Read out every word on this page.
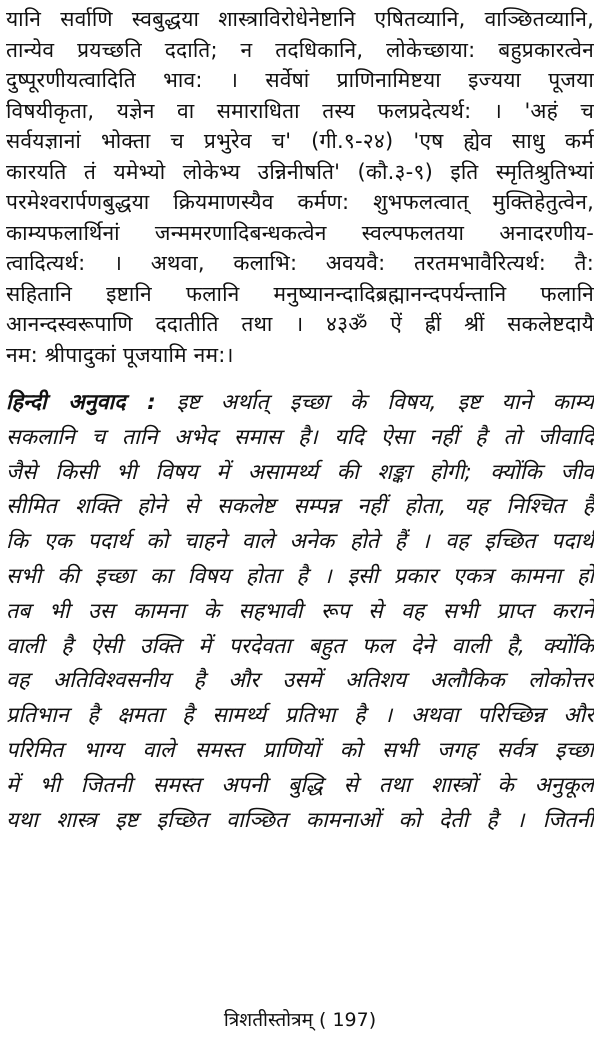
यानि सर्वाणि स्वबुद्धया शास्त्राविरोधेनेष्टानि एषितव्यानि, वाञ्छितव्यानि,
तान्येव प्रयच्छति ददाति; न तदधिकानि, लोकेच्छाया: बहुप्रकारत्वेन
दुष्पूरणीयत्वादिति भाव: । सर्वेषां प्राणिनामिष्टया इज्यया पूजया
विषयीकृता, यज्ञेन वा समाराधिता तस्य फलप्रदेत्यर्थ: । 'अहं च
सर्वयज्ञानां भोक्ता च प्रभुरेव च' (गी.९-२४) 'एष ह्येव साधु कर्म
कारयति तं यमेभ्यो लोकेभ्य उन्निनीषति' (कौ.३-९) इति स्मृतिश्रुतिभ्यां
परमेश्वरार्पणबुद्धया क्रियमाणस्यैव कर्मण: शुभफलत्वात् मुक्तिहेतुत्वेन,
काम्यफलार्थिनां जन्ममरणादिबन्धकत्वेन स्वल्पफलतया अनादरणीय-
त्वादित्यर्थ: । अथवा, कलाभि: अवयवै: तरतमभावैरित्यर्थ: तै:
सहितानि इष्टानि फलानि मनुष्यानन्दादिब्रह्मानन्दपर्यन्तानि फलानि
आनन्दस्वरूपाणि ददातीति तथा । ४३ॐ ऐं ह्रीं श्रीं सकलेष्टदायै
नम: श्रीपादुकां पूजयामि नम:।
हिन्दी अनुवाद : इष्ट अर्थात् इच्छा के विषय, इष्ट याने काम्य
सकलानि च तानि अभेद समास है। यदि ऐसा नहीं है तो जीवादि
जैसे किसी भी विषय में असामर्थ्य की शङ्का होगी; क्योंकि जीव
सीमित शक्ति होने से सकलेष्ट सम्पन्न नहीं होता, यह निश्चित है
कि एक पदार्थ को चाहने वाले अनेक होते हैं । वह इच्छित पदार्थ
सभी की इच्छा का विषय होता है । इसी प्रकार एकत्र कामना हो
तब भी उस कामना के सहभावी रूप से वह सभी प्राप्त कराने
वाली है ऐसी उक्ति में परदेवता बहुत फल देने वाली है, क्योंकि
वह अतिविश्वसनीय है और उसमें अतिशय अलौकिक लोकोत्तर
प्रतिभान है क्षमता है सामर्थ्य प्रतिभा है । अथवा परिच्छिन्न और
परिमित भाग्य वाले समस्त प्राणियों को सभी जगह सर्वत्र इच्छा
में भी जितनी समस्त अपनी बुद्धि से तथा शास्त्रों के अनुकूल
यथा शास्त्र इष्ट इच्छित वाञ्छित कामनाओं को देती है । जितनी
त्रिशतीस्तोत्रम् ( 197)
